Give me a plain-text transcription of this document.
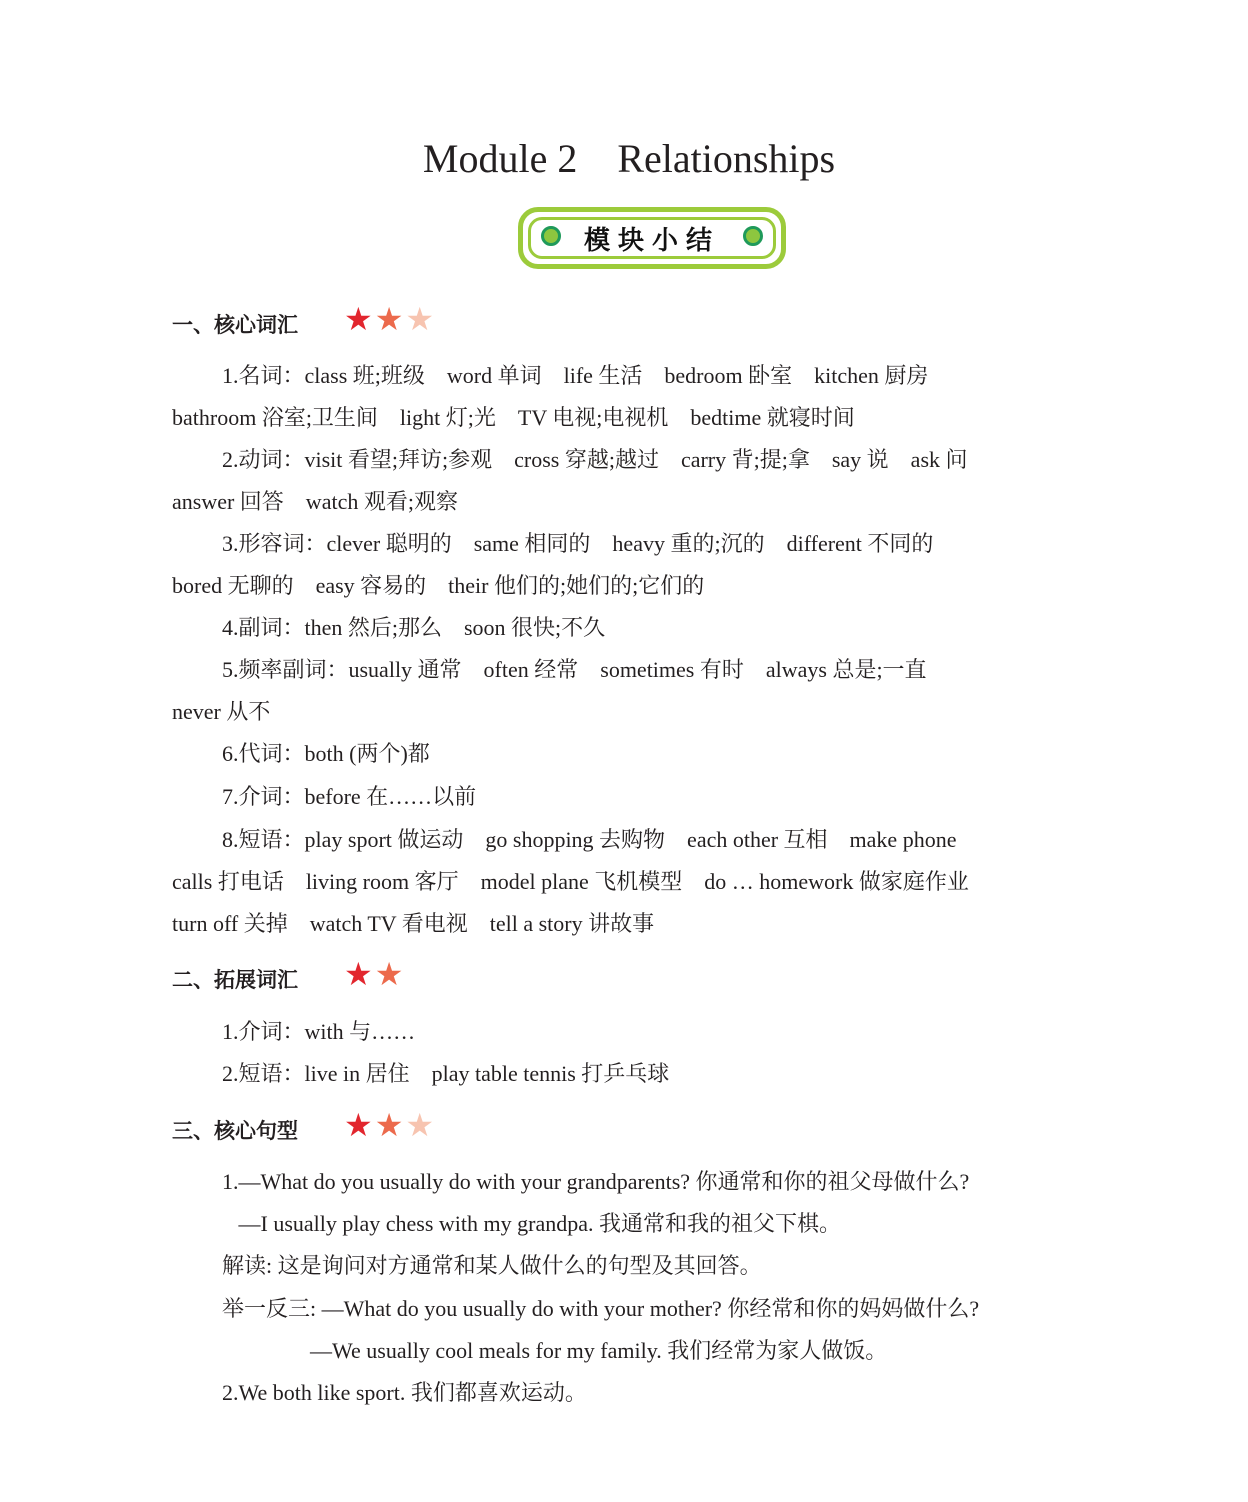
Module 2    Relationships
模块小结
一、核心词汇 ★ ★ ★
1.名词：class 班;班级    word 单词    life 生活    bedroom 卧室    kitchen 厨房
bathroom 浴室;卫生间    light 灯;光    TV 电视;电视机    bedtime 就寝时间
2.动词：visit 看望;拜访;参观    cross 穿越;越过    carry 背;提;拿    say 说    ask 问
answer 回答    watch 观看;观察
3.形容词：clever 聪明的    same 相同的    heavy 重的;沉的    different 不同的
bored 无聊的    easy 容易的    their 他们的;她们的;它们的
4.副词：then 然后;那么    soon 很快;不久
5.频率副词：usually 通常    often 经常    sometimes 有时    always 总是;一直
never 从不
6.代词：both (两个)都
7.介词：before 在……以前
8.短语：play sport 做运动    go shopping 去购物    each other 互相    make phone
calls 打电话    living room 客厅    model plane 飞机模型    do … homework 做家庭作业
turn off 关掉    watch TV 看电视    tell a story 讲故事
二、拓展词汇 ★ ★
1.介词：with 与……
2.短语：live in 居住    play table tennis 打乒乓球
三、核心句型 ★ ★ ★
1.—What do you usually do with your grandparents? 你通常和你的祖父母做什么?
—I usually play chess with my grandpa. 我通常和我的祖父下棋。
解读: 这是询问对方通常和某人做什么的句型及其回答。
举一反三: —What do you usually do with your mother? 你经常和你的妈妈做什么?
—We usually cool meals for my family. 我们经常为家人做饭。
2.We both like sport. 我们都喜欢运动。
